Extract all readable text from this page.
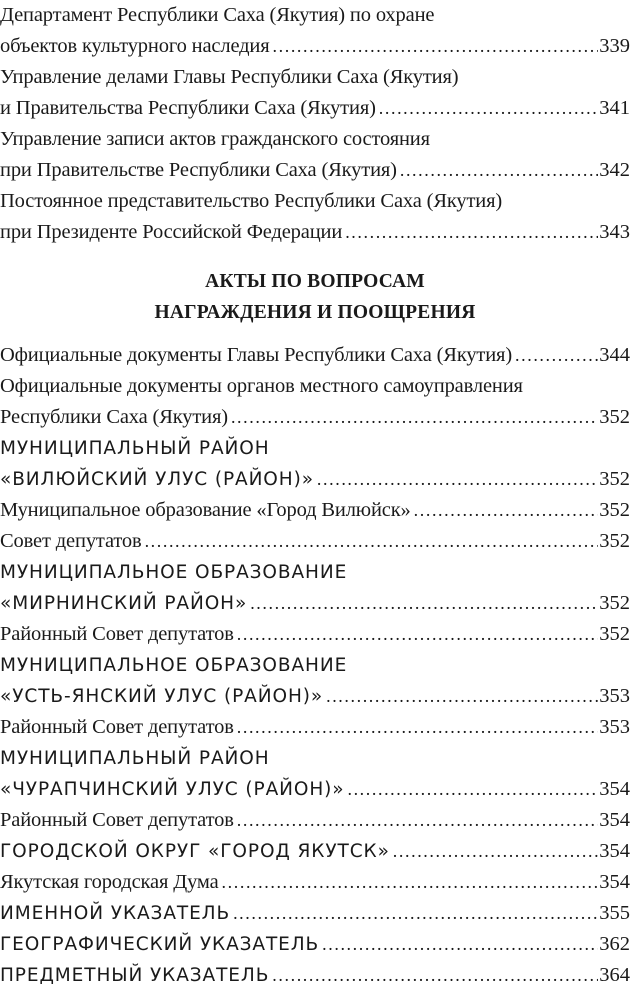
Департамент Республики Саха (Якутия) по охране
объектов культурного наследия .....	339
Управление делами Главы Республики Саха (Якутия)
и Правительства Республики Саха (Якутия) .....	341
Управление записи актов гражданского состояния
при Правительстве Республики Саха (Якутия) .....	342
Постоянное представительство Республики Саха (Якутия)
при Президенте Российской Федерации .....	343
АКТЫ ПО ВОПРОСАМ
НАГРАЖДЕНИЯ И ПООЩРЕНИЯ
Официальные документы Главы Республики Саха (Якутия) .....	344
Официальные документы органов местного самоуправления
Республики Саха (Якутия) .....	352
МУНИЦИПАЛЬНЫЙ РАЙОН
«ВИЛЮЙСКИЙ УЛУС (РАЙОН)» .....	352
Муниципальное образование «Город Вилюйск» .....	352
Совет депутатов .....	352
МУНИЦИПАЛЬНОЕ ОБРАЗОВАНИЕ
«МИРНИНСКИЙ РАЙОН» .....	352
Районный Совет депутатов .....	352
МУНИЦИПАЛЬНОЕ ОБРАЗОВАНИЕ
«УСТЬ-ЯНСКИЙ УЛУС (РАЙОН)» .....	353
Районный Совет депутатов .....	353
МУНИЦИПАЛЬНЫЙ РАЙОН
«ЧУРАПЧИНСКИЙ УЛУС (РАЙОН)» .....	354
Районный Совет депутатов .....	354
ГОРОДСКОЙ ОКРУГ «ГОРОД ЯКУТСК» .....	354
Якутская городская Дума .....	354
ИМЕННОЙ УКАЗАТЕЛЬ .....	355
ГЕОГРАФИЧЕСКИЙ УКАЗАТЕЛЬ .....	362
ПРЕДМЕТНЫЙ УКАЗАТЕЛЬ .....	364
